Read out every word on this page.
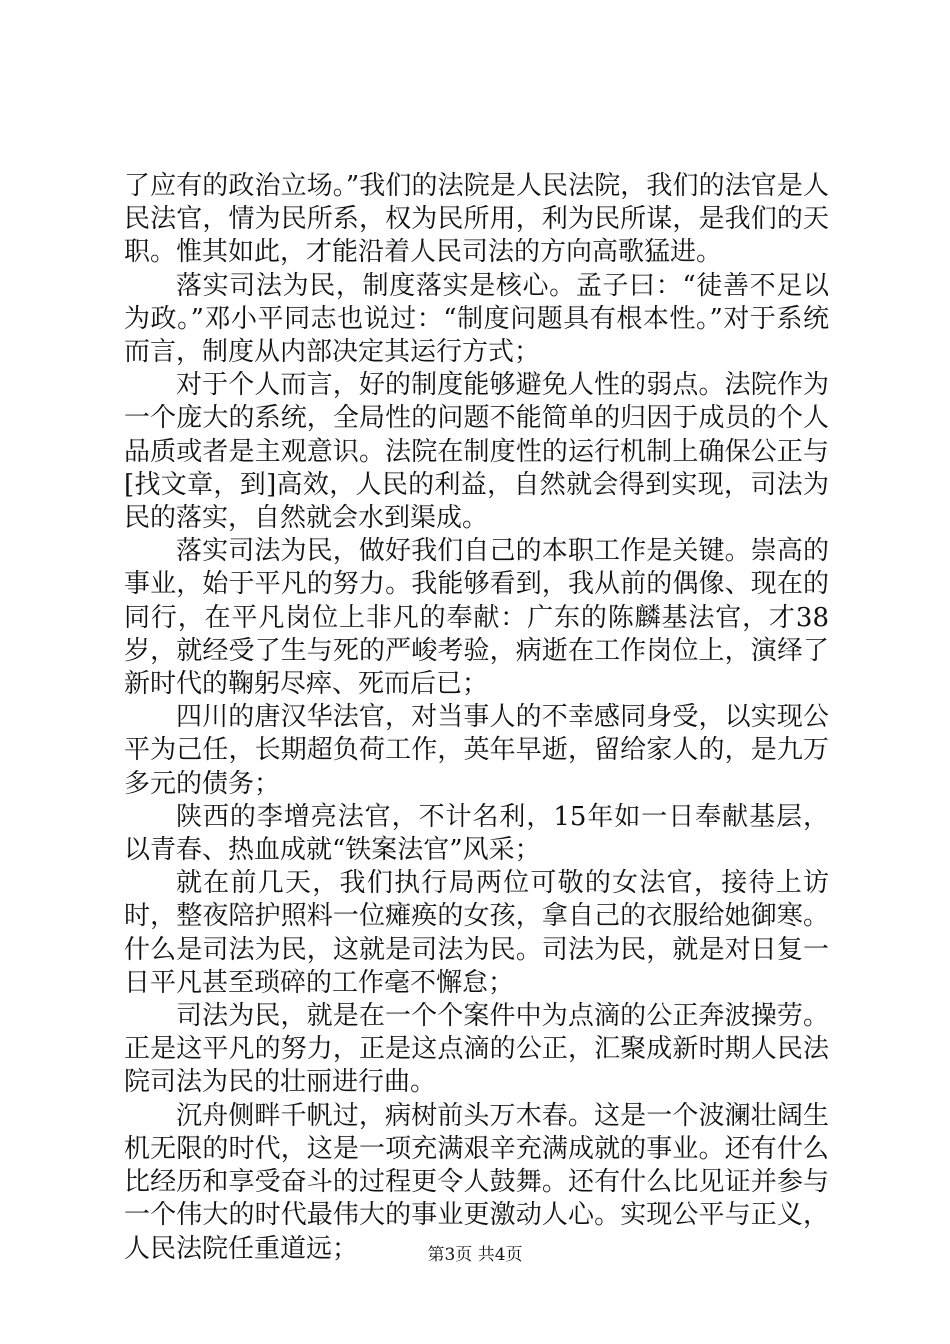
了应有的政治立场。”我们的法院是人民法院，我们的法官是人民法官，情为民所系，权为民所用，利为民所谋，是我们的天职。惟其如此，才能沿着人民司法的方向高歌猛进。

落实司法为民，制度落实是核心。孟子曰：“徒善不足以为政。”邓小平同志也说过：“制度问题具有根本性。”对于系统而言，制度从内部决定其运行方式；

对于个人而言，好的制度能够避免人性的弱点。法院作为一个庞大的系统，全局性的问题不能简单的归因于成员的个人品质或者是主观意识。法院在制度性的运行机制上确保公正与[找文章，到]高效，人民的利益，自然就会得到实现，司法为民的落实，自然就会水到渠成。

落实司法为民，做好我们自己的本职工作是关键。崇高的事业，始于平凡的努力。我能够看到，我从前的偶像、现在的同行，在平凡岗位上非凡的奉献：广东的陈麟基法官，才38岁，就经受了生与死的严峻考验，病逝在工作岗位上，演绎了新时代的鞠躬尽瘁、死而后已；

四川的唐汉华法官，对当事人的不幸感同身受，以实现公平为己任，长期超负荷工作，英年早逝，留给家人的，是九万多元的债务；

陕西的李增亮法官，不计名利，15年如一日奉献基层，以青春、热血成就“铁案法官”风采；

就在前几天，我们执行局两位可敬的女法官，接待上访时，整夜陪护照料一位瘫痪的女孩，拿自己的衣服给她御寒。什么是司法为民，这就是司法为民。司法为民，就是对日复一日平凡甚至琐碎的工作毫不懈怠；

司法为民，就是在一个个案件中为点滴的公正奔波操劳。正是这平凡的努力，正是这点滴的公正，汇聚成新时期人民法院司法为民的壮丽进行曲。

沉舟侧畔千帆过，病树前头万木春。这是一个波澜壮阔生机无限的时代，这是一项充满艰辛充满成就的事业。还有什么比经历和享受奋斗的过程更令人鼓舞。还有什么比见证并参与一个伟大的时代最伟大的事业更激动人心。实现公平与正义，人民法院任重道远；	第3页 共4页
